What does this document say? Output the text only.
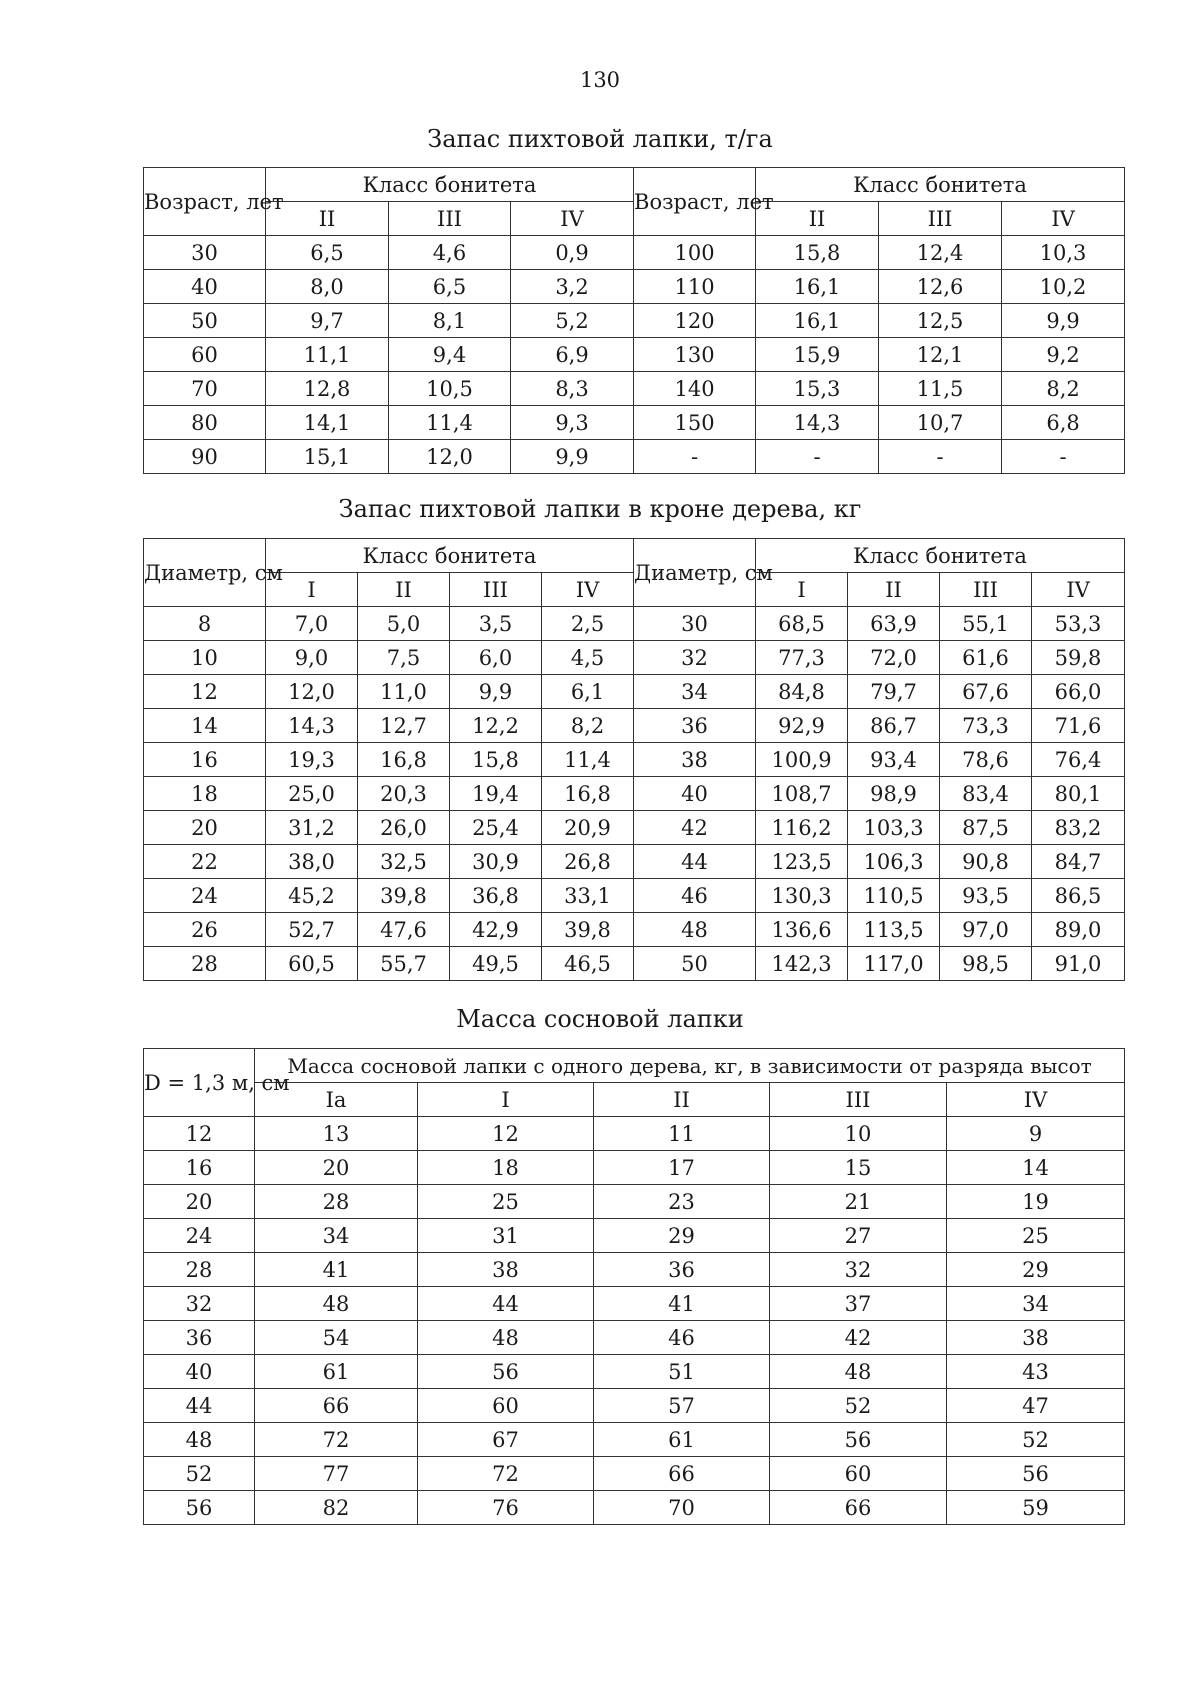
130
Запас пихтовой лапки, т/га
Возраст, лет	Класс бонитета			Возраст, лет	Класс бонитета		
	II	III	IV		II	III	IV
30	6,5	4,6	0,9	100	15,8	12,4	10,3
40	8,0	6,5	3,2	110	16,1	12,6	10,2
50	9,7	8,1	5,2	120	16,1	12,5	9,9
60	11,1	9,4	6,9	130	15,9	12,1	9,2
70	12,8	10,5	8,3	140	15,3	11,5	8,2
80	14,1	11,4	9,3	150	14,3	10,7	6,8
90	15,1	12,0	9,9	-	-	-	-
Запас пихтовой лапки в кроне дерева, кг
Диаметр, см	Класс бонитета				Диаметр, см	Класс бонитета			
	I	II	III	IV		I	II	III	IV
8	7,0	5,0	3,5	2,5	30	68,5	63,9	55,1	53,3
10	9,0	7,5	6,0	4,5	32	77,3	72,0	61,6	59,8
12	12,0	11,0	9,9	6,1	34	84,8	79,7	67,6	66,0
14	14,3	12,7	12,2	8,2	36	92,9	86,7	73,3	71,6
16	19,3	16,8	15,8	11,4	38	100,9	93,4	78,6	76,4
18	25,0	20,3	19,4	16,8	40	108,7	98,9	83,4	80,1
20	31,2	26,0	25,4	20,9	42	116,2	103,3	87,5	83,2
22	38,0	32,5	30,9	26,8	44	123,5	106,3	90,8	84,7
24	45,2	39,8	36,8	33,1	46	130,3	110,5	93,5	86,5
26	52,7	47,6	42,9	39,8	48	136,6	113,5	97,0	89,0
28	60,5	55,7	49,5	46,5	50	142,3	117,0	98,5	91,0
Масса сосновой лапки
D = 1,3 м, см	Масса сосновой лапки с одного дерева, кг, в зависимости от разряда высот				
	Ia	I	II	III	IV
12	13	12	11	10	9
16	20	18	17	15	14
20	28	25	23	21	19
24	34	31	29	27	25
28	41	38	36	32	29
32	48	44	41	37	34
36	54	48	46	42	38
40	61	56	51	48	43
44	66	60	57	52	47
48	72	67	61	56	52
52	77	72	66	60	56
56	82	76	70	66	59
